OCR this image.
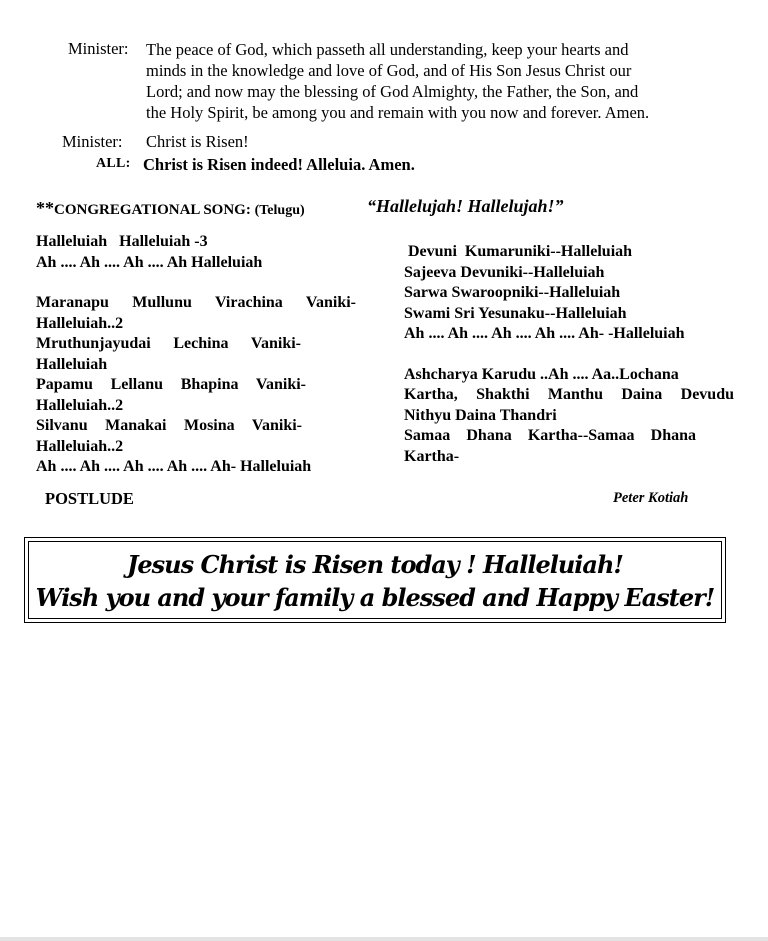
Minister: The peace of God, which passeth all understanding, keep your hearts and
minds in the knowledge and love of God, and of His Son Jesus Christ our
Lord; and now may the blessing of God Almighty, the Father, the Son, and
the Holy Spirit, be among you and remain with you now and forever. Amen.
Minister: Christ is Risen!
ALL: Christ is Risen indeed! Alleluia. Amen.
**CONGREGATIONAL SONG: (Telugu)	“Hallelujah! Hallelujah!”
Halleluiah   Halleluiah -3
Ah .... Ah .... Ah .... Ah Halleluiah
Maranapu Mullunu Virachina Vaniki-
Halleluiah..2
Mruthunjayudai Lechina Vaniki-
Halleluiah
Papamu Lellanu Bhapina Vaniki-
Halleluiah..2
Silvanu Manakai Mosina Vaniki-
Halleluiah..2
Ah .... Ah .... Ah .... Ah .... Ah- Halleluiah
Devuni  Kumaruniki--Halleluiah
Sajeeva Devuniki--Halleluiah
Sarwa Swaroopniki--Halleluiah
Swami Sri Yesunaku--Halleluiah
Ah .... Ah .... Ah .... Ah .... Ah- -Halleluiah
Ashcharya Karudu ..Ah .... Aa..Lochana
Kartha, Shakthi Manthu Daina Devudu
Nithyu Daina Thandri
Samaa Dhana Kartha--Samaa Dhana
Kartha-
POSTLUDE	Peter Kotiah
Jesus Christ is Risen today ! Halleluiah!
Wish you and your family a blessed and Happy Easter!
